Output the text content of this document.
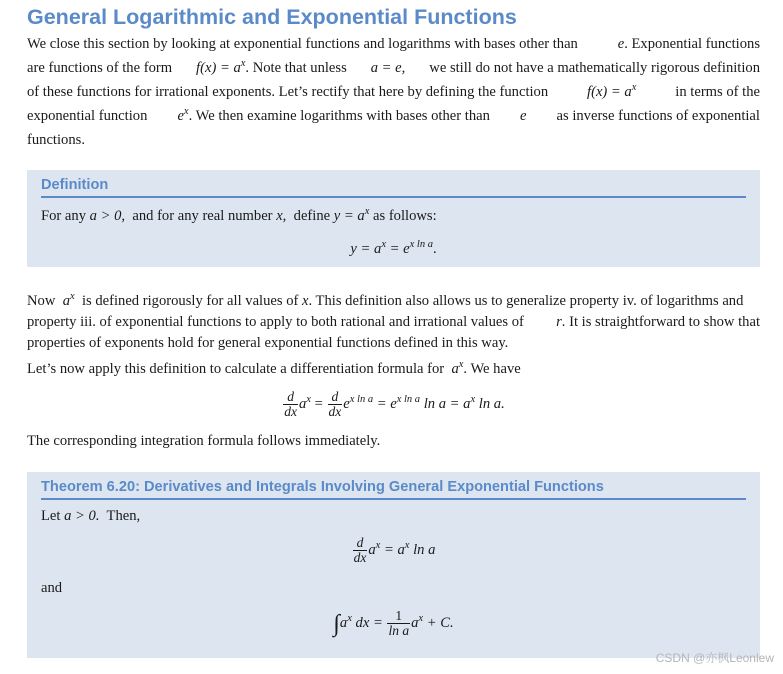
General Logarithmic and Exponential Functions
We close this section by looking at exponential functions and logarithms with bases other than	e. Exponential functions
are functions of the form $f(x) = a^x$. Note that unless a = e, we still do not have a mathematically rigorous definition
of these functions for irrational exponents. Let’s rectify that here by defining the function	$f(x) = a^x$	in terms of the
exponential function $e^x$. We then examine logarithms with bases other than e as inverse functions of exponential
functions.
Definition
For any a > 0, and for any real number x, define $y = a^x$ as follows:
$y = a^x = e^{x ln a}$.
Now $a^x$ is defined rigorously for all values of x. This definition also allows us to generalize property iv. of logarithms and
property iii. of exponential functions to apply to both rational and irrational values of r. It is straightforward to show that
properties of exponents hold for general exponential functions defined in this way.
Let’s now apply this definition to calculate a differentiation formula for $a^x$. We have
$\frac{d}{dx} a^x = \frac{d}{dx} e^{x ln a} = e^{x ln a}$ $\ln a = a^x$ ln a.
The corresponding integration formula follows immediately.
Theorem 6.20: Derivatives and Integrals Involving General Exponential Functions
Let a > 0. Then,
$\frac{d}{dx} a^x = a^x$ ln a
and
$\int a^x$ dx = $\frac{1}{\text{ln a}} a^x + C$.
CSDN @亦枫Leonlew
